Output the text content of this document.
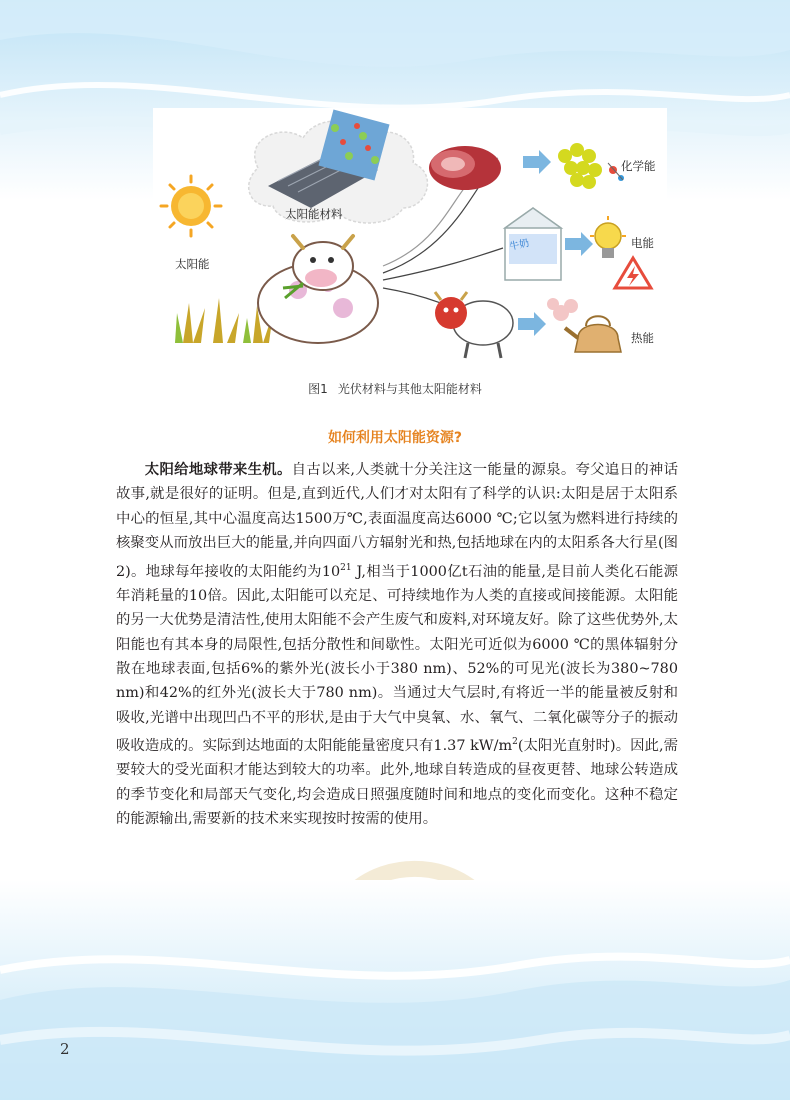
太阳能材料
太阳能
牛奶
化学能
电能
热能
图1 光伏材料与其他太阳能材料
如何利用太阳能资源?

太阳给地球带来生机。自古以来,人类就十分关注这一能量的源泉。夸父追日的神话故事,就是很好的证明。但是,直到近代,人们才对太阳有了科学的认识:太阳是居于太阳系中心的恒星,其中心温度高达1500万℃,表面温度高达6000 ℃;它以氢为燃料进行持续的核聚变从而放出巨大的能量,并向四面八方辐射光和热,包括地球在内的太阳系各大行星(图2)。地球每年接收的太阳能约为$10^{21}$ J,相当于1000亿t石油的能量,是目前人类化石能源年消耗量的10倍。因此,太阳能可以充足、可持续地作为人类的直接或间接能源。太阳能的另一大优势是清洁性,使用太阳能不会产生废气和废料,对环境友好。除了这些优势外,太阳能也有其本身的局限性,包括分散性和间歇性。太阳光可近似为6000 ℃的黑体辐射分散在地球表面,包括6%的紫外光(波长小于380 nm)、52%的可见光(波长为380~780 nm)和42%的红外光(波长大于780 nm)。当通过大气层时,有将近一半的能量被反射和吸收,光谱中出现凹凸不平的形状,是由于大气中臭氧、水、氧气、二氧化碳等分子的振动吸收造成的。实际到达地面的太阳能能量密度只有1.37 $kW/m^2$(太阳光直射时)。因此,需要较大的受光面积才能达到较大的功率。此外,地球自转造成的昼夜更替、地球公转造成的季节变化和局部天气变化,均会造成日照强度随时间和地点的变化而变化。这种不稳定的能源输出,需要新的技术来实现按时按需的使用。

2
